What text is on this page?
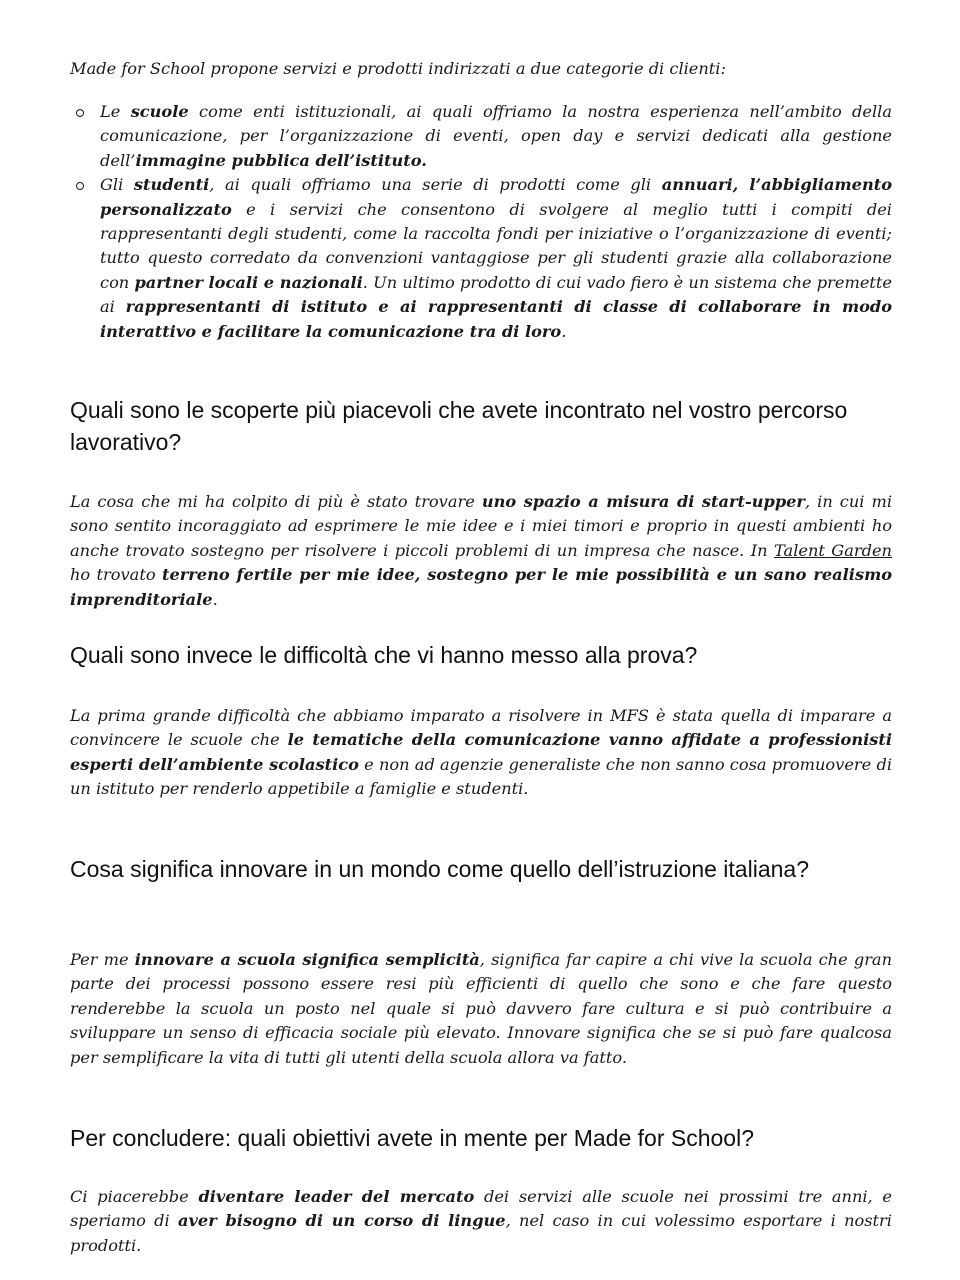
Made for School propone servizi e prodotti indirizzati a due categorie di clienti:

Le scuole come enti istituzionali, ai quali offriamo la nostra esperienza nell’ambito della comunicazione, per l’organizzazione di eventi, open day e servizi dedicati alla gestione dell’immagine pubblica dell’istituto.

Gli studenti, ai quali offriamo una serie di prodotti come gli annuari, l’abbigliamento personalizzato e i servizi che consentono di svolgere al meglio tutti i compiti dei rappresentanti degli studenti, come la raccolta fondi per iniziative o l’organizzazione di eventi; tutto questo corredato da convenzioni vantaggiose per gli studenti grazie alla collaborazione con partner locali e nazionali. Un ultimo prodotto di cui vado fiero è un sistema che premette ai rappresentanti di istituto e ai rappresentanti di classe di collaborare in modo interattivo e facilitare la comunicazione tra di loro.

Quali sono le scoperte più piacevoli che avete incontrato nel vostro percorso lavorativo?

La cosa che mi ha colpito di più è stato trovare uno spazio a misura di start-upper, in cui mi sono sentito incoraggiato ad esprimere le mie idee e i miei timori e proprio in questi ambienti ho anche trovato sostegno per risolvere i piccoli problemi di un impresa che nasce. In Talent Garden ho trovato terreno fertile per mie idee, sostegno per le mie possibilità e un sano realismo imprenditoriale.

Quali sono invece le difficoltà che vi hanno messo alla prova?

La prima grande difficoltà che abbiamo imparato a risolvere in MFS è stata quella di imparare a convincere le scuole che le tematiche della comunicazione vanno affidate a professionisti esperti dell’ambiente scolastico e non ad agenzie generaliste che non sanno cosa promuovere di un istituto per renderlo appetibile a famiglie e studenti.

Cosa significa innovare in un mondo come quello dell’istruzione italiana?

Per me innovare a scuola significa semplicità, significa far capire a chi vive la scuola che gran parte dei processi possono essere resi più efficienti di quello che sono e che fare questo renderebbe la scuola un posto nel quale si può davvero fare cultura e si può contribuire a sviluppare un senso di efficacia sociale più elevato. Innovare significa che se si può fare qualcosa per semplificare la vita di tutti gli utenti della scuola allora va fatto.

Per concludere: quali obiettivi avete in mente per Made for School?

Ci piacerebbe diventare leader del mercato dei servizi alle scuole nei prossimi tre anni, e speriamo di aver bisogno di un corso di lingue, nel caso in cui volessimo esportare i nostri prodotti.
